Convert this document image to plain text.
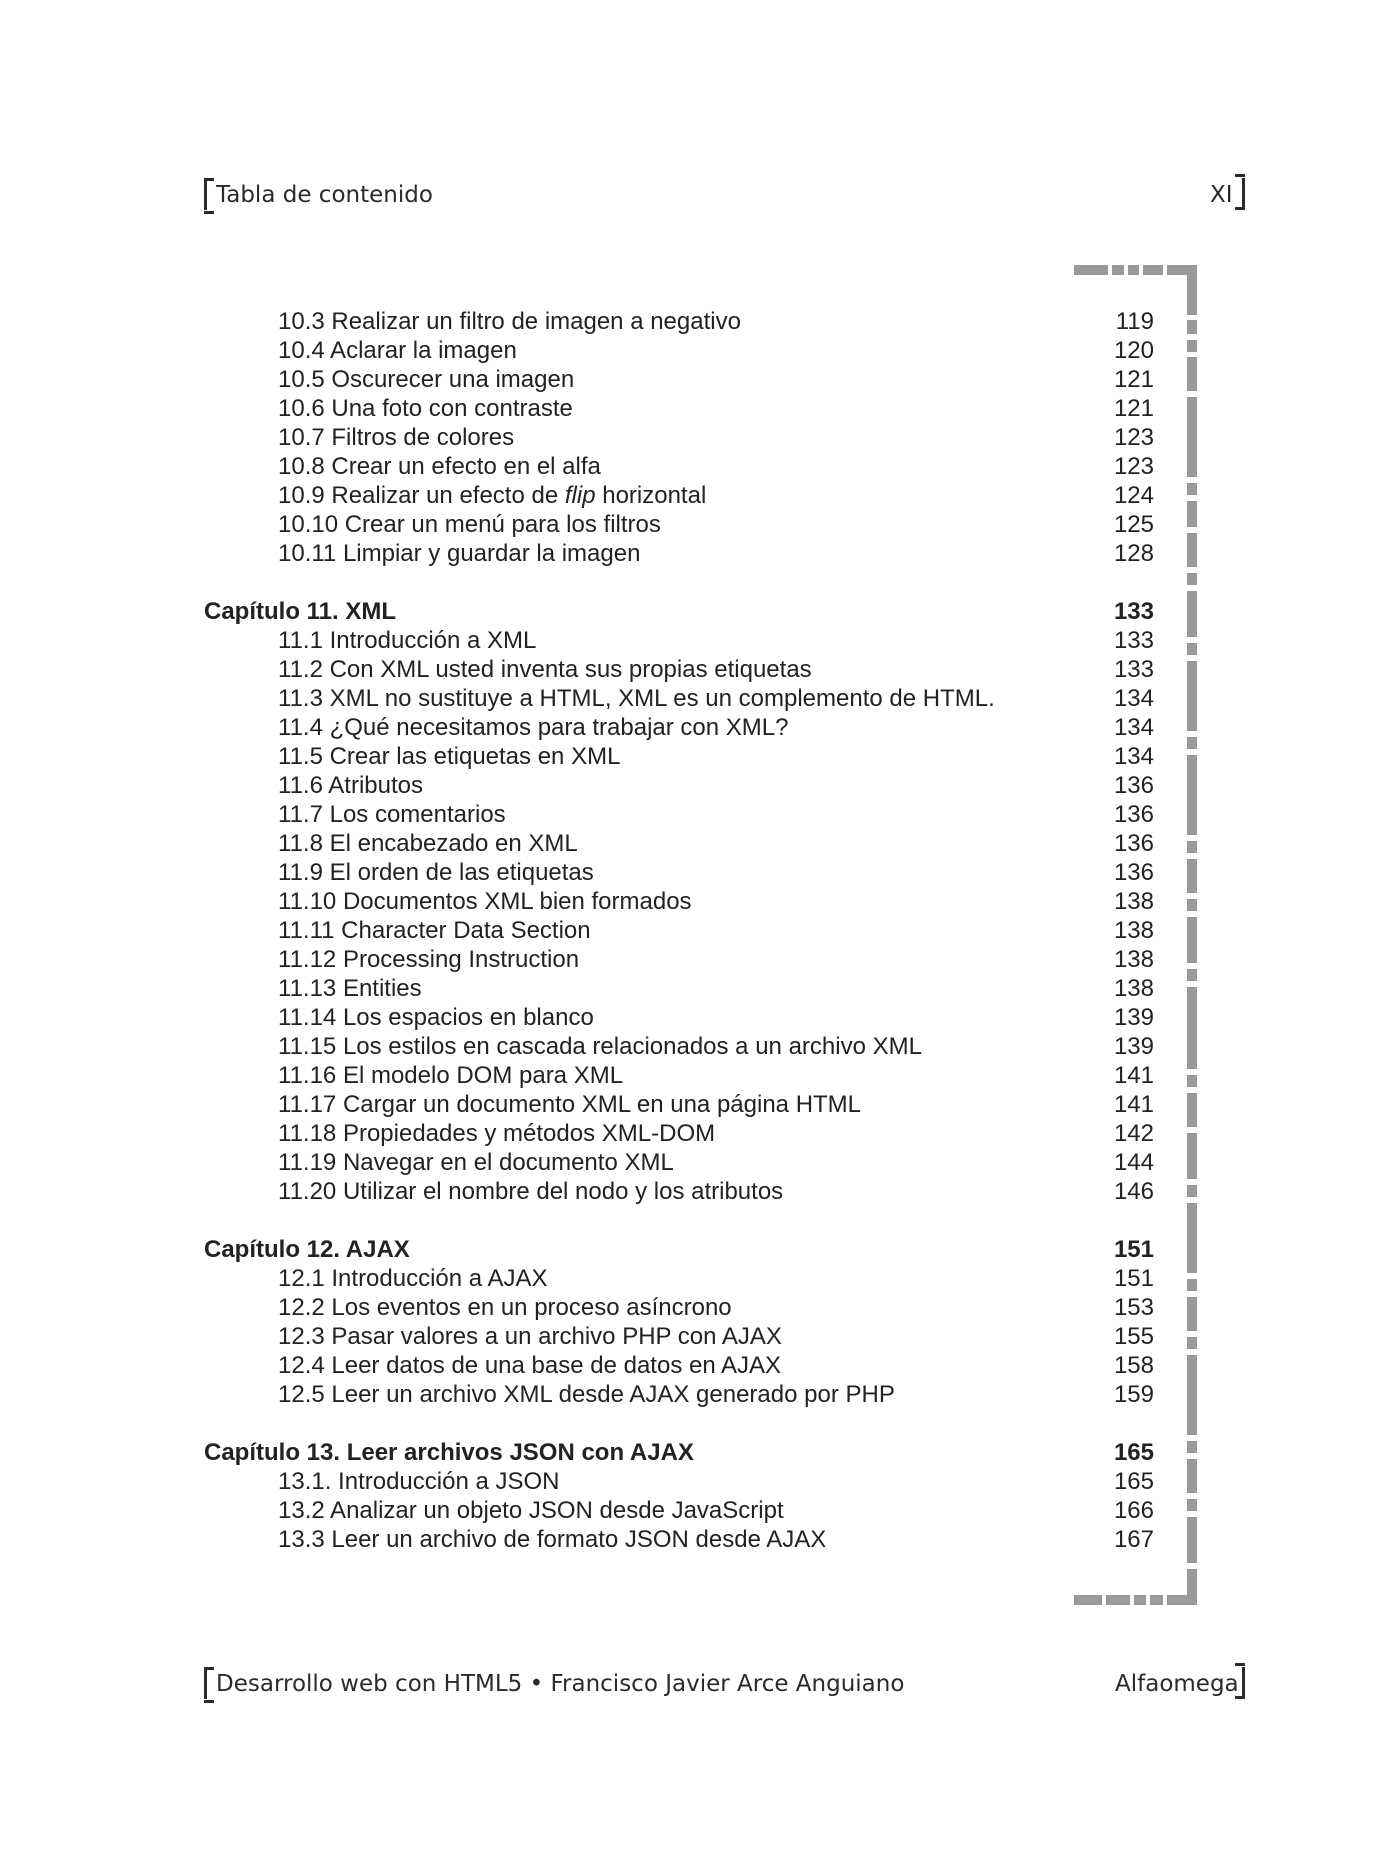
Tabla de contenido	XI
10.3 Realizar un filtro de imagen a negativo	119
10.4 Aclarar la imagen	120
10.5 Oscurecer una imagen	121
10.6 Una foto con contraste	121
10.7 Filtros de colores	123
10.8 Crear un efecto en el alfa	123
10.9 Realizar un efecto de flip horizontal	124
10.10 Crear un menú para los filtros	125
10.11 Limpiar y guardar la imagen	128
Capítulo 11. XML	133
11.1 Introducción a XML	133
11.2 Con XML usted inventa sus propias etiquetas	133
11.3 XML no sustituye a HTML, XML es un complemento de HTML.	134
11.4 ¿Qué necesitamos para trabajar con XML?	134
11.5 Crear las etiquetas en XML	134
11.6 Atributos	136
11.7 Los comentarios	136
11.8 El encabezado en XML	136
11.9 El orden de las etiquetas	136
11.10 Documentos XML bien formados	138
11.11 Character Data Section	138
11.12 Processing Instruction	138
11.13 Entities	138
11.14 Los espacios en blanco	139
11.15 Los estilos en cascada relacionados a un archivo XML	139
11.16 El modelo DOM para XML	141
11.17 Cargar un documento XML en una página HTML	141
11.18 Propiedades y métodos XML-DOM	142
11.19 Navegar en el documento XML	144
11.20 Utilizar el nombre del nodo y los atributos	146
Capítulo 12. AJAX	151
12.1 Introducción a AJAX	151
12.2 Los eventos en un proceso asíncrono	153
12.3 Pasar valores a un archivo PHP con AJAX	155
12.4 Leer datos de una base de datos en AJAX	158
12.5 Leer un archivo XML desde AJAX generado por PHP	159
Capítulo 13. Leer archivos JSON con AJAX	165
13.1. Introducción a JSON	165
13.2 Analizar un objeto JSON desde JavaScript	166
13.3 Leer un archivo de formato JSON desde AJAX	167
Desarrollo web con HTML5 • Francisco Javier Arce Anguiano	Alfaomega
